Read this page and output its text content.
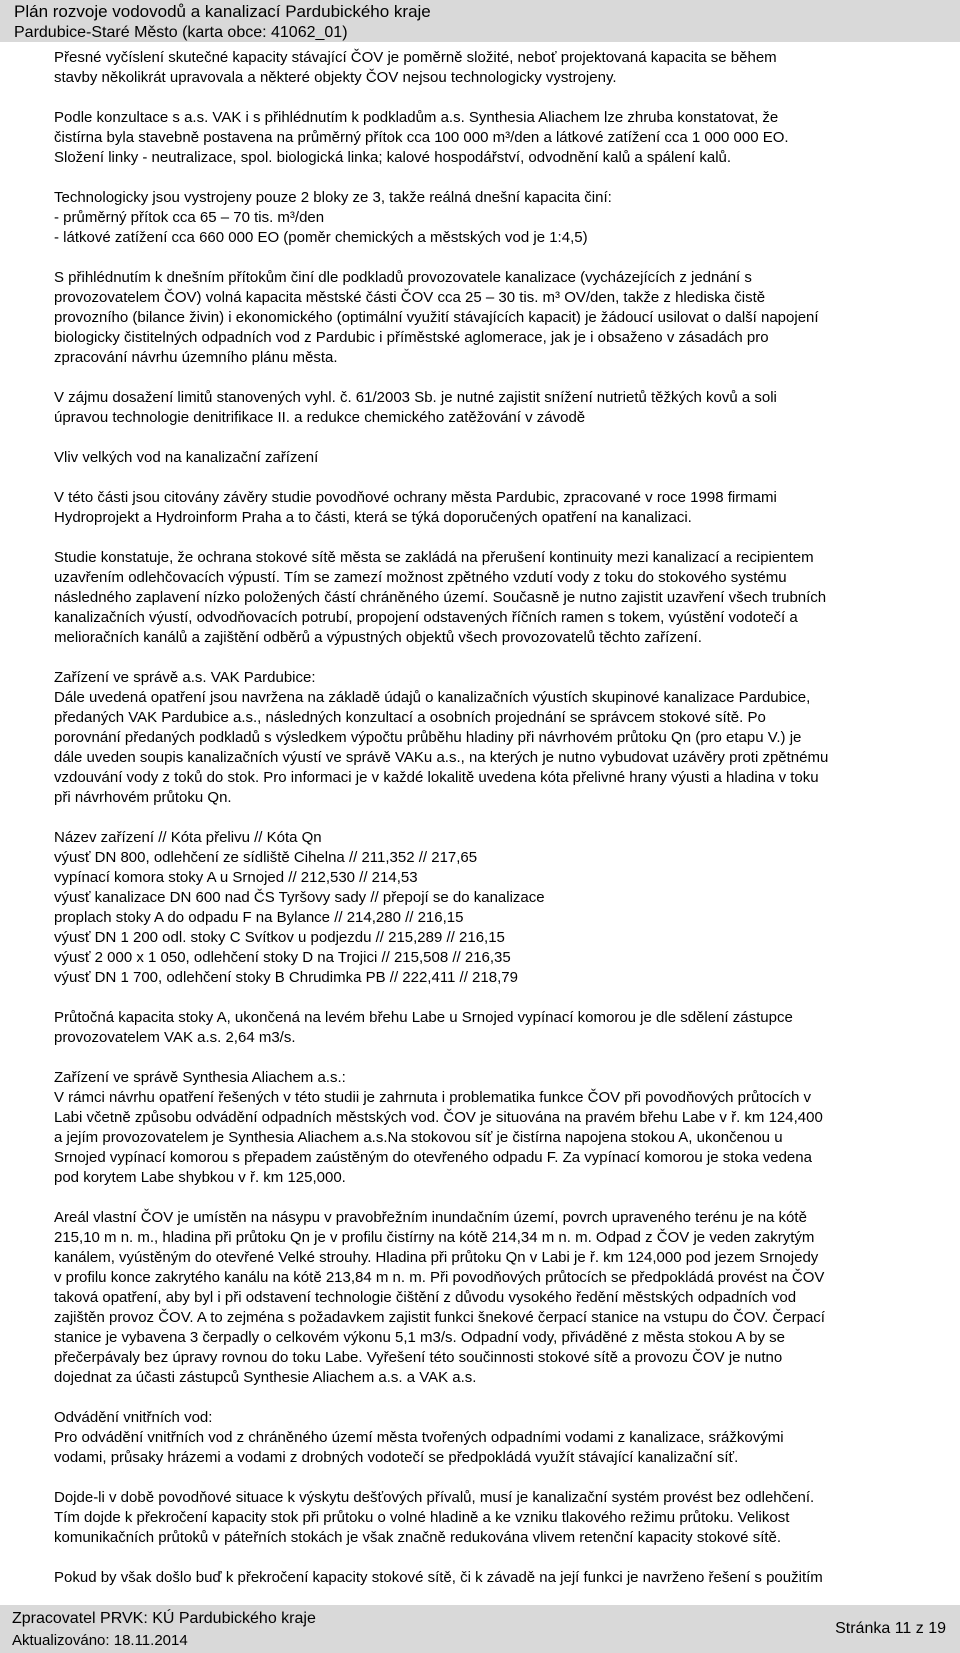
Plán rozvoje vodovodů a kanalizací Pardubického kraje
Pardubice-Staré Město (karta obce: 41062_01)

Přesné vyčíslení skutečné kapacity stávající ČOV je poměrně složité, neboť projektovaná kapacita se během
stavby několikrát upravovala a některé objekty ČOV nejsou technologicky vystrojeny.

Podle konzultace s a.s. VAK i s přihlédnutím k podkladům a.s. Synthesia Aliachem lze zhruba konstatovat, že
čistírna byla stavebně postavena na průměrný přítok cca 100 000 m³/den a látkové zatížení cca 1 000 000 EO.
Složení linky - neutralizace, spol. biologická linka; kalové hospodářství, odvodnění kalů a spálení kalů.

Technologicky jsou vystrojeny pouze 2 bloky ze 3, takže reálná dnešní kapacita činí:
- průměrný přítok cca 65 – 70 tis. m³/den
- látkové zatížení cca 660 000 EO (poměr chemických a městských vod je 1:4,5)

S přihlédnutím k dnešním přítokům činí dle podkladů provozovatele kanalizace (vycházejících z jednání s
provozovatelem ČOV) volná kapacita městské části ČOV cca 25 – 30 tis. m³ OV/den, takže z hlediska čistě
provozního (bilance živin) i ekonomického (optimální využití stávajících kapacit) je žádoucí usilovat o další napojení
biologicky čistitelných odpadních vod z Pardubic i příměstské aglomerace, jak je i obsaženo v zásadách pro
zpracování návrhu územního plánu města.

V zájmu dosažení limitů stanovených vyhl. č. 61/2003 Sb. je nutné zajistit snížení nutrietů těžkých kovů a soli
úpravou technologie denitrifikace II. a redukce chemického zatěžování v závodě

Vliv velkých vod na kanalizační zařízení

V této části jsou citovány závěry studie povodňové ochrany města Pardubic, zpracované v roce 1998 firmami
Hydroprojekt a Hydroinform Praha a to části, která se týká doporučených opatření na kanalizaci.

Studie konstatuje, že ochrana stokové sítě města se zakládá na přerušení kontinuity mezi kanalizací a recipientem
uzavřením odlehčovacích výpustí. Tím se zamezí možnost zpětného vzdutí vody z toku do stokového systému
následného zaplavení nízko položených částí chráněného území. Současně je nutno zajistit uzavření všech trubních
kanalizačních výustí, odvodňovacích potrubí, propojení odstavených říčních ramen s tokem, vyústění vodotečí a
melioračních kanálů a zajištění odběrů a výpustných objektů všech provozovatelů těchto zařízení.

Zařízení ve správě a.s. VAK Pardubice:
Dále uvedená opatření jsou navržena na základě údajů o kanalizačních výustích skupinové kanalizace Pardubice,
předaných VAK Pardubice a.s., následných konzultací a osobních projednání se správcem stokové sítě. Po
porovnání předaných podkladů s výsledkem výpočtu průběhu hladiny při návrhovém průtoku Qn (pro etapu V.) je
dále uveden soupis kanalizačních výustí ve správě VAKu a.s., na kterých je nutno vybudovat uzávěry proti zpětnému
vzdouvání vody z toků do stok. Pro informaci je v každé lokalitě uvedena kóta přelivné hrany výusti a hladina v toku
při návrhovém průtoku Qn.

Název zařízení // Kóta přelivu // Kóta Qn
výusť DN 800, odlehčení ze sídliště Cihelna // 211,352 // 217,65
vypínací komora stoky A u Srnojed // 212,530 // 214,53
výusť kanalizace DN 600 nad ČS Tyršovy sady // přepojí se do kanalizace
proplach stoky A do odpadu F na Bylance // 214,280 // 216,15
výusť DN 1 200 odl. stoky C Svítkov u podjezdu // 215,289 // 216,15
výusť 2 000 x 1 050, odlehčení stoky D na Trojici // 215,508 // 216,35
výusť DN 1 700, odlehčení stoky B Chrudimka PB // 222,411 // 218,79

Průtočná kapacita stoky A, ukončená na levém břehu Labe u Srnojed vypínací komorou je dle sdělení zástupce
provozovatelem VAK a.s. 2,64 m3/s.

Zařízení ve správě Synthesia Aliachem a.s.:
V rámci návrhu opatření řešených v této studii je zahrnuta i problematika funkce ČOV při povodňových průtocích v
Labi včetně způsobu odvádění odpadních městských vod. ČOV je situována na pravém břehu Labe v ř. km 124,400
a jejím provozovatelem je Synthesia Aliachem a.s.Na stokovou síť je čistírna napojena stokou A, ukončenou u
Srnojed vypínací komorou s přepadem zaústěným do otevřeného odpadu F. Za vypínací komorou je stoka vedena
pod korytem Labe shybkou v ř. km 125,000.

Areál vlastní ČOV je umístěn na násypu v pravobřežním inundačním území, povrch upraveného terénu je na kótě
215,10 m n. m., hladina při průtoku Qn je v profilu čistírny na kótě 214,34 m n. m. Odpad z ČOV je veden zakrytým
kanálem, vyústěným do otevřené Velké strouhy. Hladina při průtoku Qn v Labi je ř. km 124,000 pod jezem Srnojedy
v profilu konce zakrytého kanálu na kótě 213,84 m n. m. Při povodňových průtocích se předpokládá provést na ČOV
taková opatření, aby byl i při odstavení technologie čištění z důvodu vysokého ředění městských odpadních vod
zajištěn provoz ČOV. A to zejména s požadavkem zajistit funkci šnekové čerpací stanice na vstupu do ČOV. Čerpací
stanice je vybavena 3 čerpadly o celkovém výkonu 5,1 m3/s. Odpadní vody, přiváděné z města stokou A by se
přečerpávaly bez úpravy rovnou do toku Labe. Vyřešení této součinnosti stokové sítě a provozu ČOV je nutno
dojednat za účasti zástupců Synthesie Aliachem a.s. a VAK a.s.

Odvádění vnitřních vod:
Pro odvádění vnitřních vod z chráněného území města tvořených odpadními vodami z kanalizace, srážkovými
vodami, průsaky hrázemi a vodami z drobných vodotečí se předpokládá využít stávající kanalizační síť.

Dojde-li v době povodňové situace k výskytu dešťových přívalů, musí je kanalizační systém provést bez odlehčení.
Tím dojde k překročení kapacity stok při průtoku o volné hladině a ke vzniku tlakového režimu průtoku. Velikost
komunikačních průtoků v páteřních stokách je však značně redukována vlivem retenční kapacity stokové sítě.

Pokud by však došlo buď k překročení kapacity stokové sítě, či k závadě na její funkci je navrženo řešení s použitím

Zpracovatel PRVK: KÚ Pardubického kraje
Aktualizováno: 18.11.2014
Stránka 11 z 19
